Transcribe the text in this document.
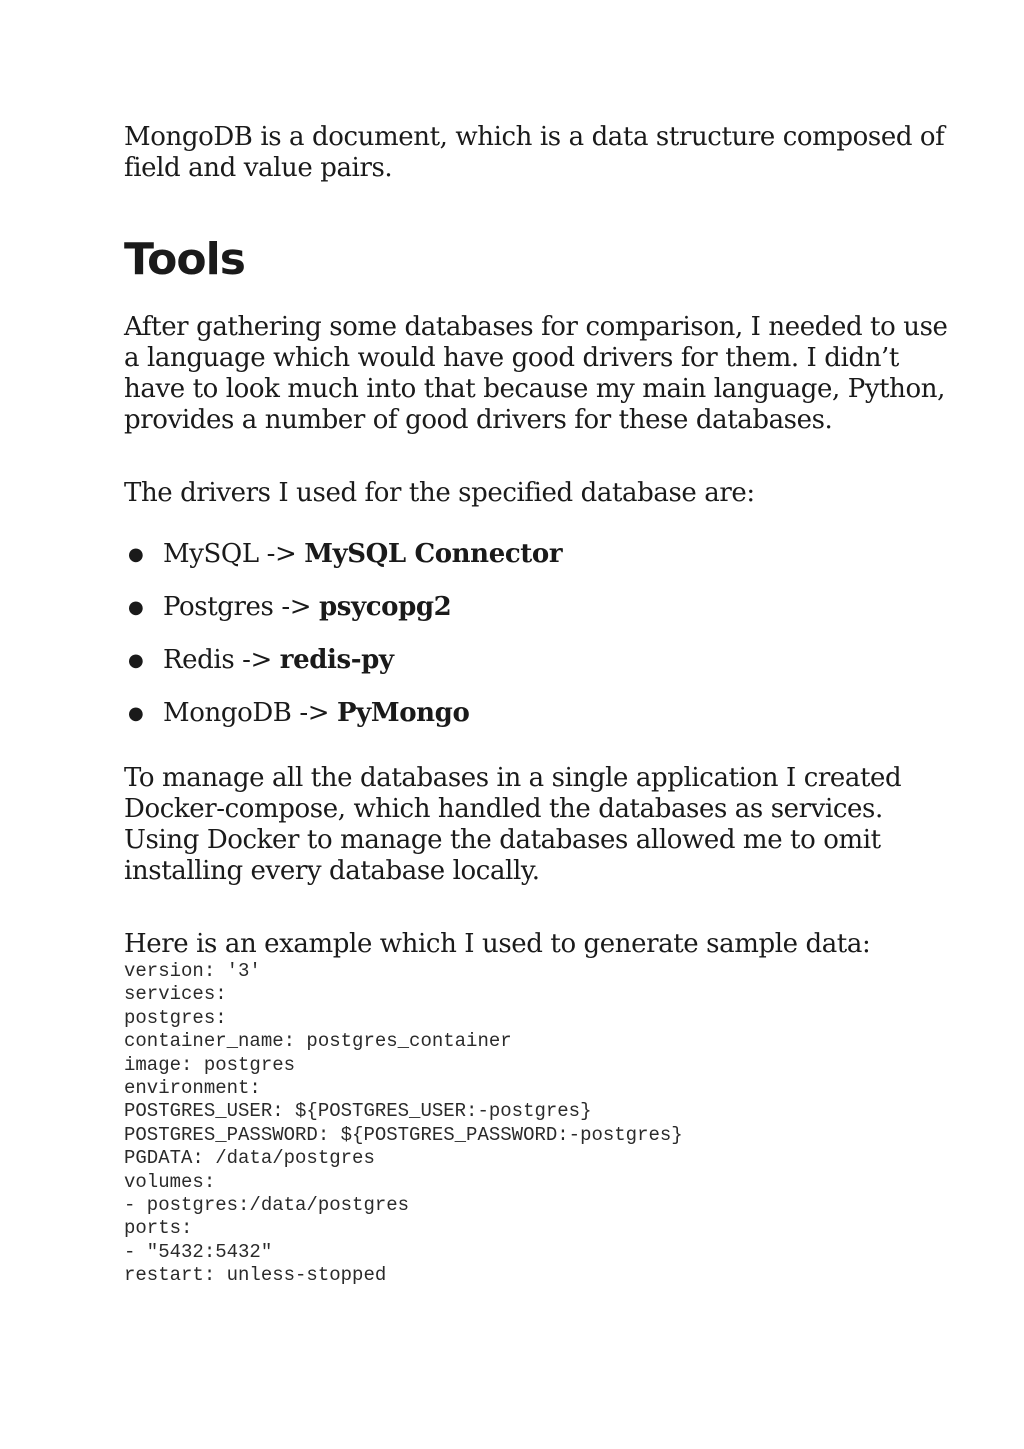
MongoDB is a document, which is a data structure composed of
field and value pairs.

Tools

After gathering some databases for comparison, I needed to use
a language which would have good drivers for them. I didn’t
have to look much into that because my main language, Python,
provides a number of good drivers for these databases.

The drivers I used for the specified database are:

● MySQL -> MySQL Connector
● Postgres -> psycopg2
● Redis -> redis-py
● MongoDB -> PyMongo

To manage all the databases in a single application I created
Docker-compose, which handled the databases as services.
Using Docker to manage the databases allowed me to omit
installing every database locally.

Here is an example which I used to generate sample data:

version: '3'
services:
postgres:
container_name: postgres_container
image: postgres
environment:
POSTGRES_USER: ${POSTGRES_USER:-postgres}
POSTGRES_PASSWORD: ${POSTGRES_PASSWORD:-postgres}
PGDATA: /data/postgres
volumes:
- postgres:/data/postgres
ports:
- "5432:5432"
restart: unless-stopped
